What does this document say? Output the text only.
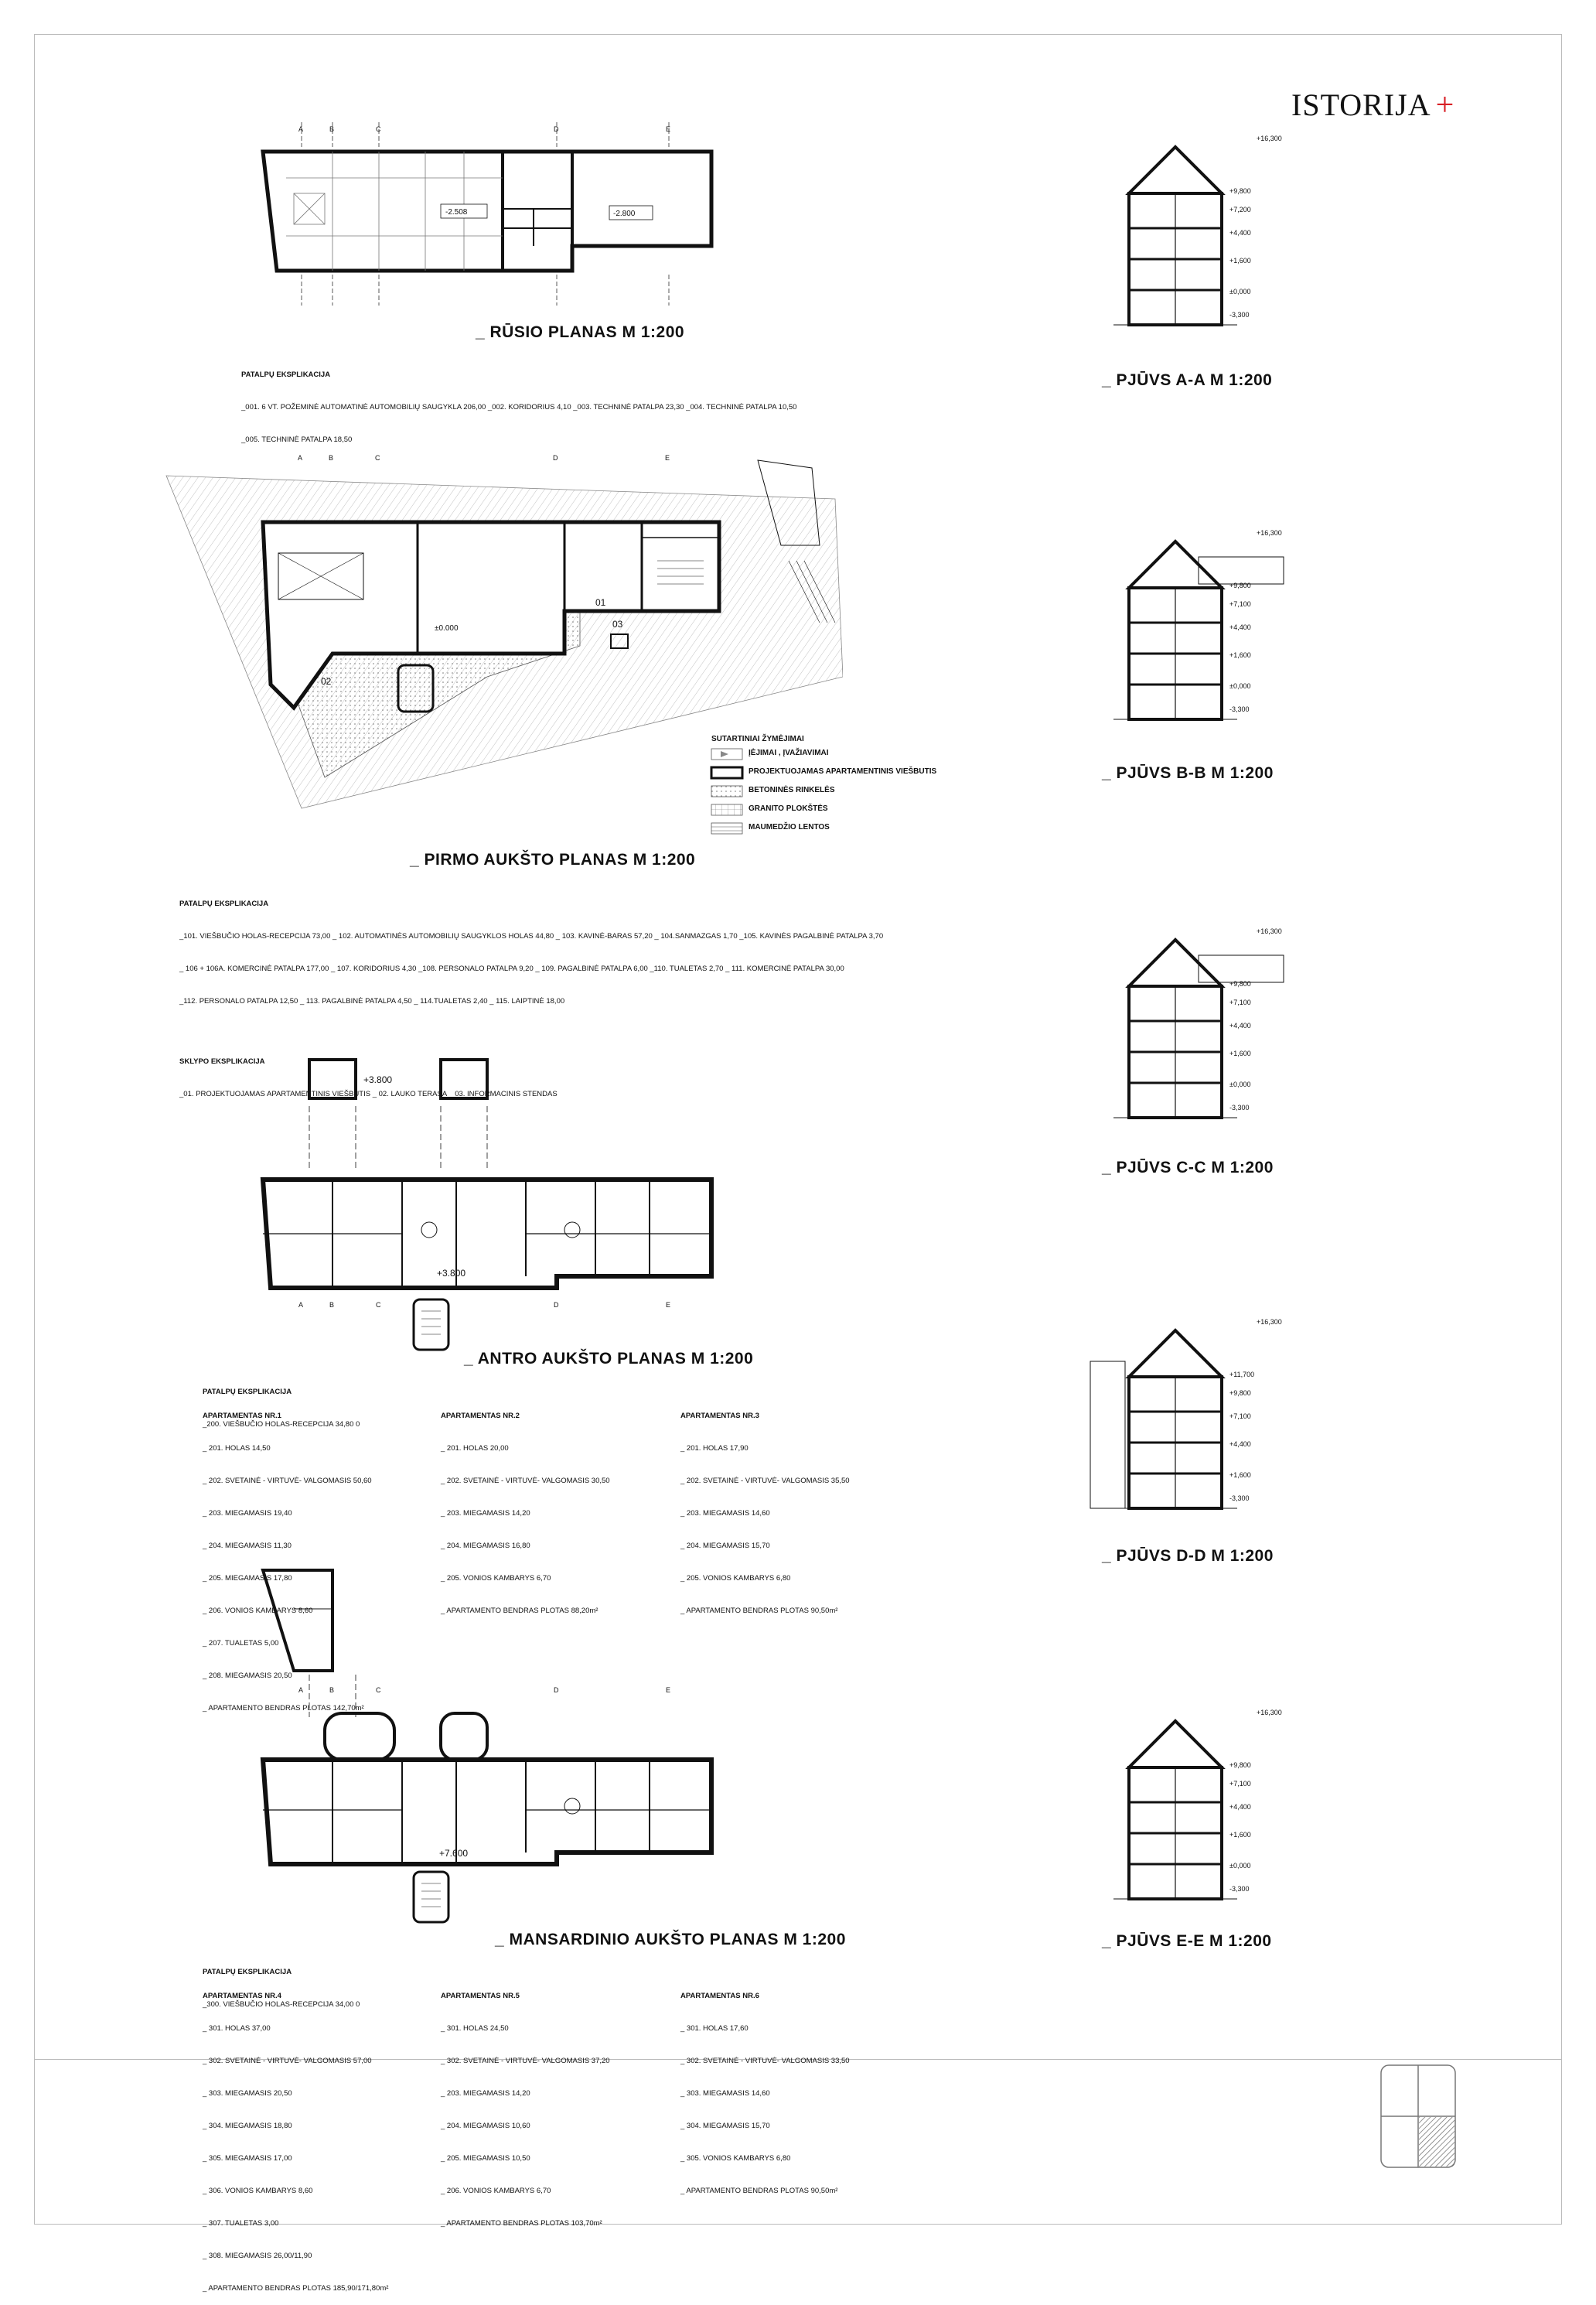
ISTORIJA +
-2.508	-2.800
A	B	C	D	E
_ RŪSIO PLANAS M 1:200

PATALPŲ EKSPLIKACIJA

_001. 6 VT. POŽEMINĖ AUTOMATINĖ AUTOMOBILIŲ SAUGYKLA 206,00 _002. KORIDORIUS 4,10 _003. TECHNINĖ PATALPA 23,30 _004. TECHNINĖ PATALPA 10,50

_005. TECHNINĖ PATALPA 18,50

01
02
03
±0.000
A	B	C	D	E
SUTARTINIAI ŽYMĖJIMAI
ĮĖJIMAI , ĮVAŽIAVIMAI
PROJEKTUOJAMAS APARTAMENTINIS VIEŠBUTIS
BETONINĖS RINKELĖS
GRANITO PLOKŠTĖS
MAUMEDŽIO LENTOS
_ PIRMO AUKŠTO PLANAS M 1:200

PATALPŲ EKSPLIKACIJA

_101. VIEŠBUČIO HOLAS-RECEPCIJA 73,00 _ 102. AUTOMATINĖS AUTOMOBILIŲ SAUGYKLOS HOLAS 44,80 _ 103. KAVINĖ-BARAS 57,20 _ 104.SANMAZGAS 1,70 _105. KAVINĖS PAGALBINĖ PATALPA 3,70

_ 106 + 106A. KOMERCINĖ PATALPA 177,00 _ 107. KORIDORIUS 4,30 _108. PERSONALO PATALPA 9,20 _ 109. PAGALBINĖ PATALPA 6,00 _110. TUALETAS 2,70 _ 111. KOMERCINĖ PATALPA 30,00

_112. PERSONALO PATALPA 12,50 _ 113. PAGALBINĖ PATALPA 4,50 _ 114.TUALETAS 2,40 _ 115. LAIPTINĖ 18,00

SKLYPO EKSPLIKACIJA

_01. PROJEKTUOJAMAS APARTAMENTINIS VIEŠBUTIS _ 02. LAUKO TERASA _ 03. INFORMACINIS STENDAS

+3.800
+3.800
A	B	C	D	E
_ ANTRO AUKŠTO PLANAS M 1:200

PATALPŲ EKSPLIKACIJA

_200. VIEŠBUČIO HOLAS-RECEPCIJA 34,80 0

APARTAMENTAS NR.1

_ 201. HOLAS 14,50

_ 202. SVETAINĖ - VIRTUVĖ- VALGOMASIS 50,60

_ 203. MIEGAMASIS 19,40

_ 204. MIEGAMASIS 11,30

_ 205. MIEGAMASIS 17,80

_ 206. VONIOS KAMBARYS 8,60

_ 207. TUALETAS 5,00

_ 208. MIEGAMASIS 20,50

_ APARTAMENTO BENDRAS PLOTAS 142,70m²

APARTAMENTAS NR.2

_ 201. HOLAS 20,00

_ 202. SVETAINĖ - VIRTUVĖ- VALGOMASIS 30,50

_ 203. MIEGAMASIS 14,20

_ 204. MIEGAMASIS 16,80

_ 205. VONIOS KAMBARYS 6,70

_ APARTAMENTO BENDRAS PLOTAS 88,20m²

APARTAMENTAS NR.3

_ 201. HOLAS 17,90

_ 202. SVETAINĖ - VIRTUVĖ- VALGOMASIS 35,50

_ 203. MIEGAMASIS 14,60

_ 204. MIEGAMASIS 15,70

_ 205. VONIOS KAMBARYS 6,80

_ APARTAMENTO BENDRAS PLOTAS 90,50m²

+7.600
A	B	C	D	E
_ MANSARDINIO AUKŠTO PLANAS M 1:200

PATALPŲ EKSPLIKACIJA

_300. VIEŠBUČIO HOLAS-RECEPCIJA 34,00 0

APARTAMENTAS NR.4

_ 301. HOLAS 37,00

_ 302. SVETAINĖ - VIRTUVĖ- VALGOMASIS 57,00

_ 303. MIEGAMASIS 20,50

_ 304. MIEGAMASIS 18,80

_ 305. MIEGAMASIS 17,00

_ 306. VONIOS KAMBARYS 8,60

_ 307. TUALETAS 3,00

_ 308. MIEGAMASIS 26,00/11,90

_ APARTAMENTO BENDRAS PLOTAS 185,90/171,80m²

APARTAMENTAS NR.5

_ 301. HOLAS 24,50

_ 302. SVETAINĖ - VIRTUVĖ- VALGOMASIS 37,20

_ 203. MIEGAMASIS 14,20

_ 204. MIEGAMASIS 10,60

_ 205. MIEGAMASIS 10,50

_ 206. VONIOS KAMBARYS 6,70

_ APARTAMENTO BENDRAS PLOTAS 103,70m²

APARTAMENTAS NR.6

_ 301. HOLAS 17,60

_ 302. SVETAINĖ - VIRTUVĖ- VALGOMASIS 33,50

_ 303. MIEGAMASIS 14,60

_ 304. MIEGAMASIS 15,70

_ 305. VONIOS KAMBARYS 6,80

_ APARTAMENTO BENDRAS PLOTAS 90,50m²

+16,300
+9,800
+7,200
+4,400
+1,600
±0,000
-3,300
_ PJŪVS A-A M 1:200
+16,300
+9,800
+7,100
+4,400
+1,600
±0,000
-3,300
_ PJŪVS B-B M 1:200
+16,300
+9,800
+7,100
+4,400
+1,600
±0,000
-3,300
_ PJŪVS C-C M 1:200
+16,300
+11,700
+9,800
+7,100
+4,400
+1,600
-3,300
_ PJŪVS D-D M 1:200
+16,300
+9,800
+7,100
+4,400
+1,600
±0,000
-3,300
_ PJŪVS E-E M 1:200
